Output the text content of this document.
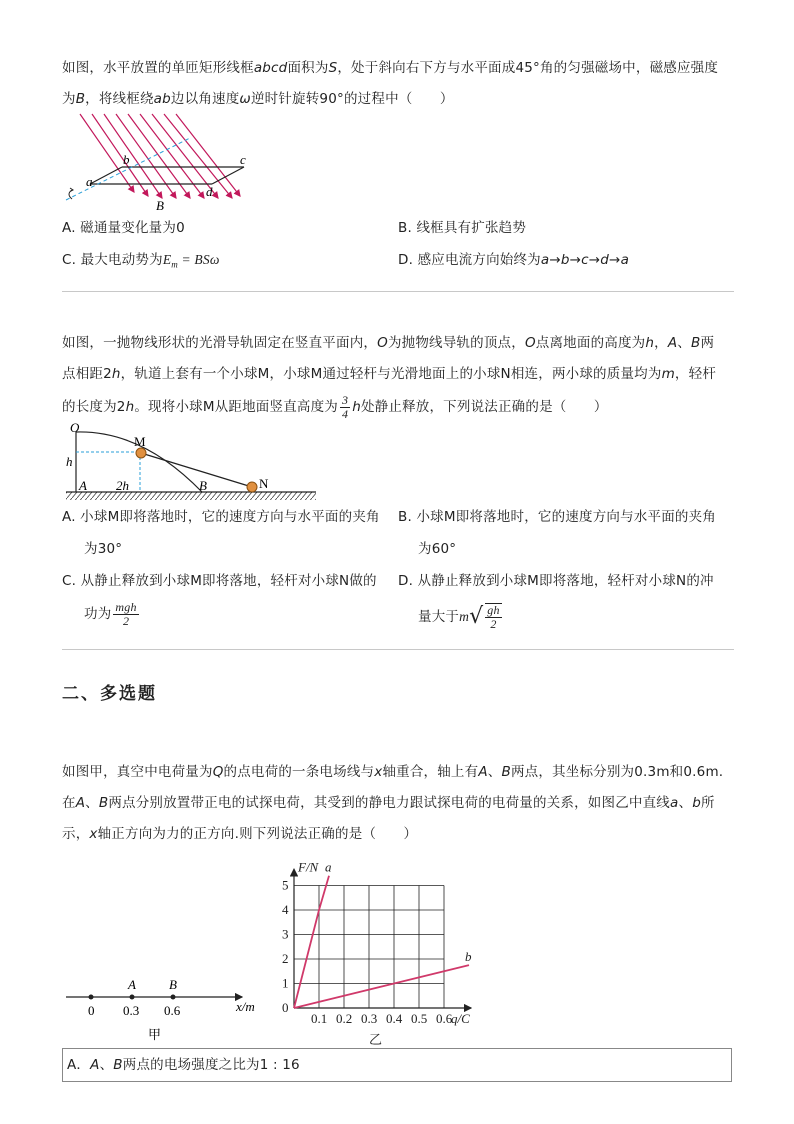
如图，水平放置的单匝矩形线框abcd面积为S，处于斜向右下方与水平面成45°角的匀强磁场中，磁感应强度
为B，将线框绕ab边以角速度ω逆时针旋转90°的过程中（　　）
a
b	c
d
B
A. 磁通量变化量为0	B. 线框具有扩张趋势
C. 最大电动势为$E_m = BS\omega$	D. 感应电流方向始终为a→b→c→d→a
如图，一抛物线形状的光滑导轨固定在竖直平面内，O为抛物线导轨的顶点，O点离地面的高度为h，A、B两
点相距2h，轨道上套有一个小球M，小球M通过轻杆与光滑地面上的小球N相连，两小球的质量均为m，轻杆
的长度为2h。现将小球M从距地面竖直高度为 $\frac{3}{4}$ h处静止释放，下列说法正确的是（　　）
O
M
h
A 2h	B	N
A. 小球M即将落地时，它的速度方向与水平面的夹角
为30°
B. 小球M即将落地时，它的速度方向与水平面的夹角
为60°
C. 从静止释放到小球M即将落地，轻杆对小球N做的
功为 $\frac{\text{mgh}}{2}$
D. 从静止释放到小球M即将落地，轻杆对小球N的冲
量大于$m√ \frac{gh}{2}$
二、多选题
如图甲，真空中电荷量为Q的点电荷的一条电场线与x轴重合，轴上有A、B两点，其坐标分别为0.3m和0.6m.
在A、B两点分别放置带正电的试探电荷，其受到的静电力跟试探电荷的电荷量的关系，如图乙中直线a、b所
示，x轴正方向为力的正方向.则下列说法正确的是（　　）
A	B
0 0.3 0.6	x/m
甲
0.1 0.2 0.3 0.4 0.5 0.6
1
2
3
4
5
0
q/C
F/N a
b
乙
A．A、B两点的电场强度之比为1 : 16
